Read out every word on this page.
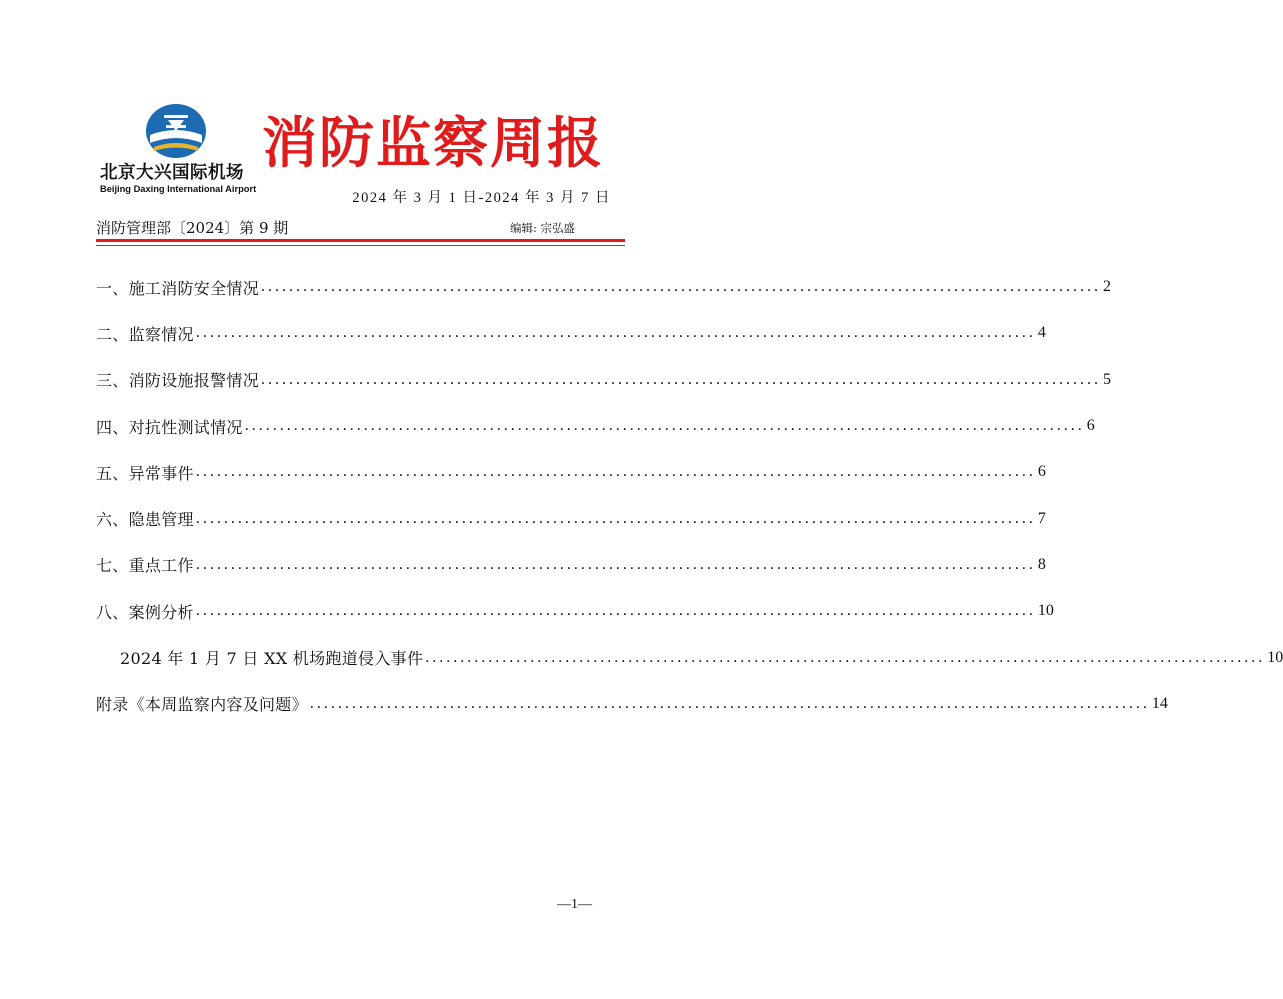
北京大兴国际机场
Beijing Daxing International Airport
消防监察周报
2024 年 3 月 1 日-2024 年 3 月 7 日
消防管理部〔2024〕第 9 期	编辑: 宗弘盛
一、施工消防安全情况 ........................................................................................................................ 2
二、监察情况 ........................................................................................................................ 4
三、消防设施报警情况 ........................................................................................................................ 5
四、对抗性测试情况 ........................................................................................................................ 6
五、异常事件 ........................................................................................................................ 6
六、隐患管理 ........................................................................................................................ 7
七、重点工作 ........................................................................................................................ 8
八、案例分析 ........................................................................................................................ 10
2024 年 1 月 7 日 XX 机场跑道侵入事件 ........................................................................................................................ 10
附录《本周监察内容及问题》 ........................................................................................................................ 14
—1—
